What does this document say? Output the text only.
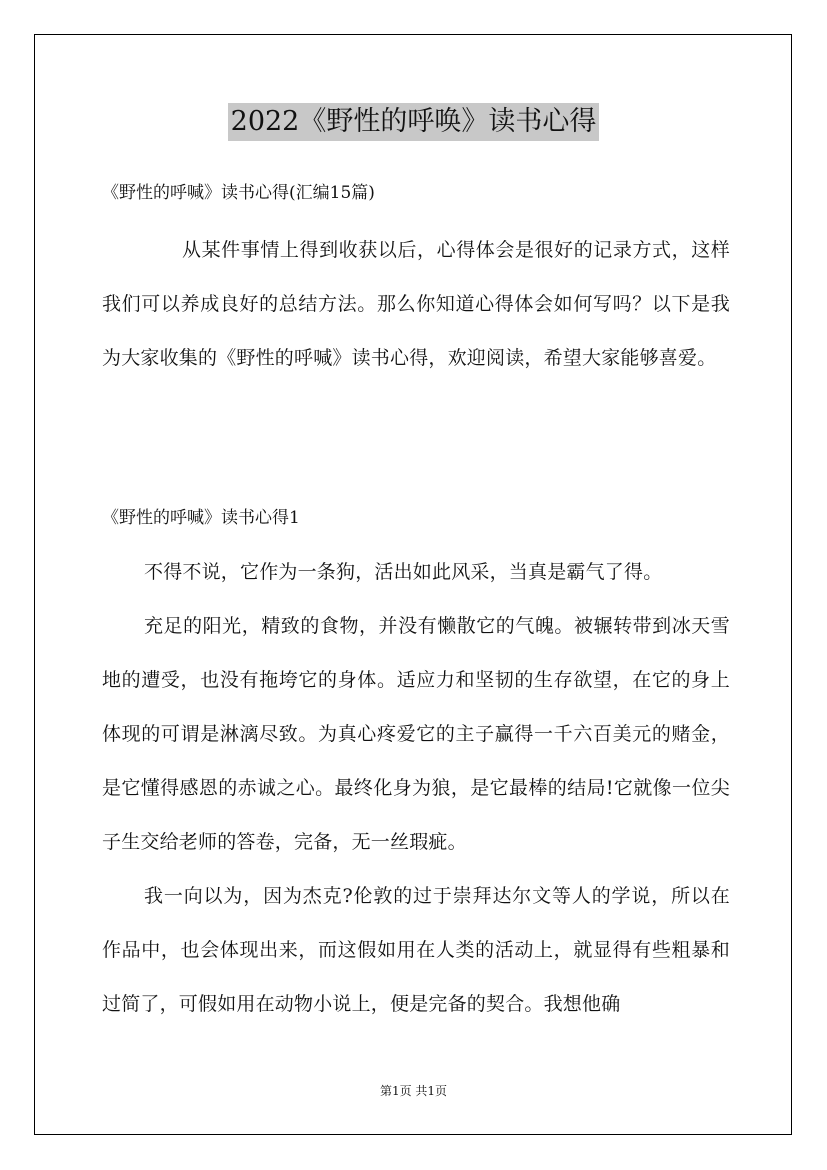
2022《野性的呼唤》读书心得

《野性的呼喊》读书心得(汇编15篇)

从某件事情上得到收获以后，心得体会是很好的记录方式，这样我们可以养成良好的总结方法。那么你知道心得体会如何写吗？以下是我为大家收集的《野性的呼喊》读书心得，欢迎阅读，希望大家能够喜爱。

《野性的呼喊》读书心得1

不得不说，它作为一条狗，活出如此风采，当真是霸气了得。

充足的阳光，精致的食物，并没有懒散它的气魄。被辗转带到冰天雪地的遭受，也没有拖垮它的身体。适应力和坚韧的生存欲望，在它的身上体现的可谓是淋漓尽致。为真心疼爱它的主子赢得一千六百美元的赌金，是它懂得感恩的赤诚之心。最终化身为狼，是它最棒的结局!它就像一位尖子生交给老师的答卷，完备，无一丝瑕疵。

我一向以为，因为杰克?伦敦的过于崇拜达尔文等人的学说，所以在作品中，也会体现出来，而这假如用在人类的活动上，就显得有些粗暴和过简了，可假如用在动物小说上，便是完备的契合。我想他确

第1页 共1页
